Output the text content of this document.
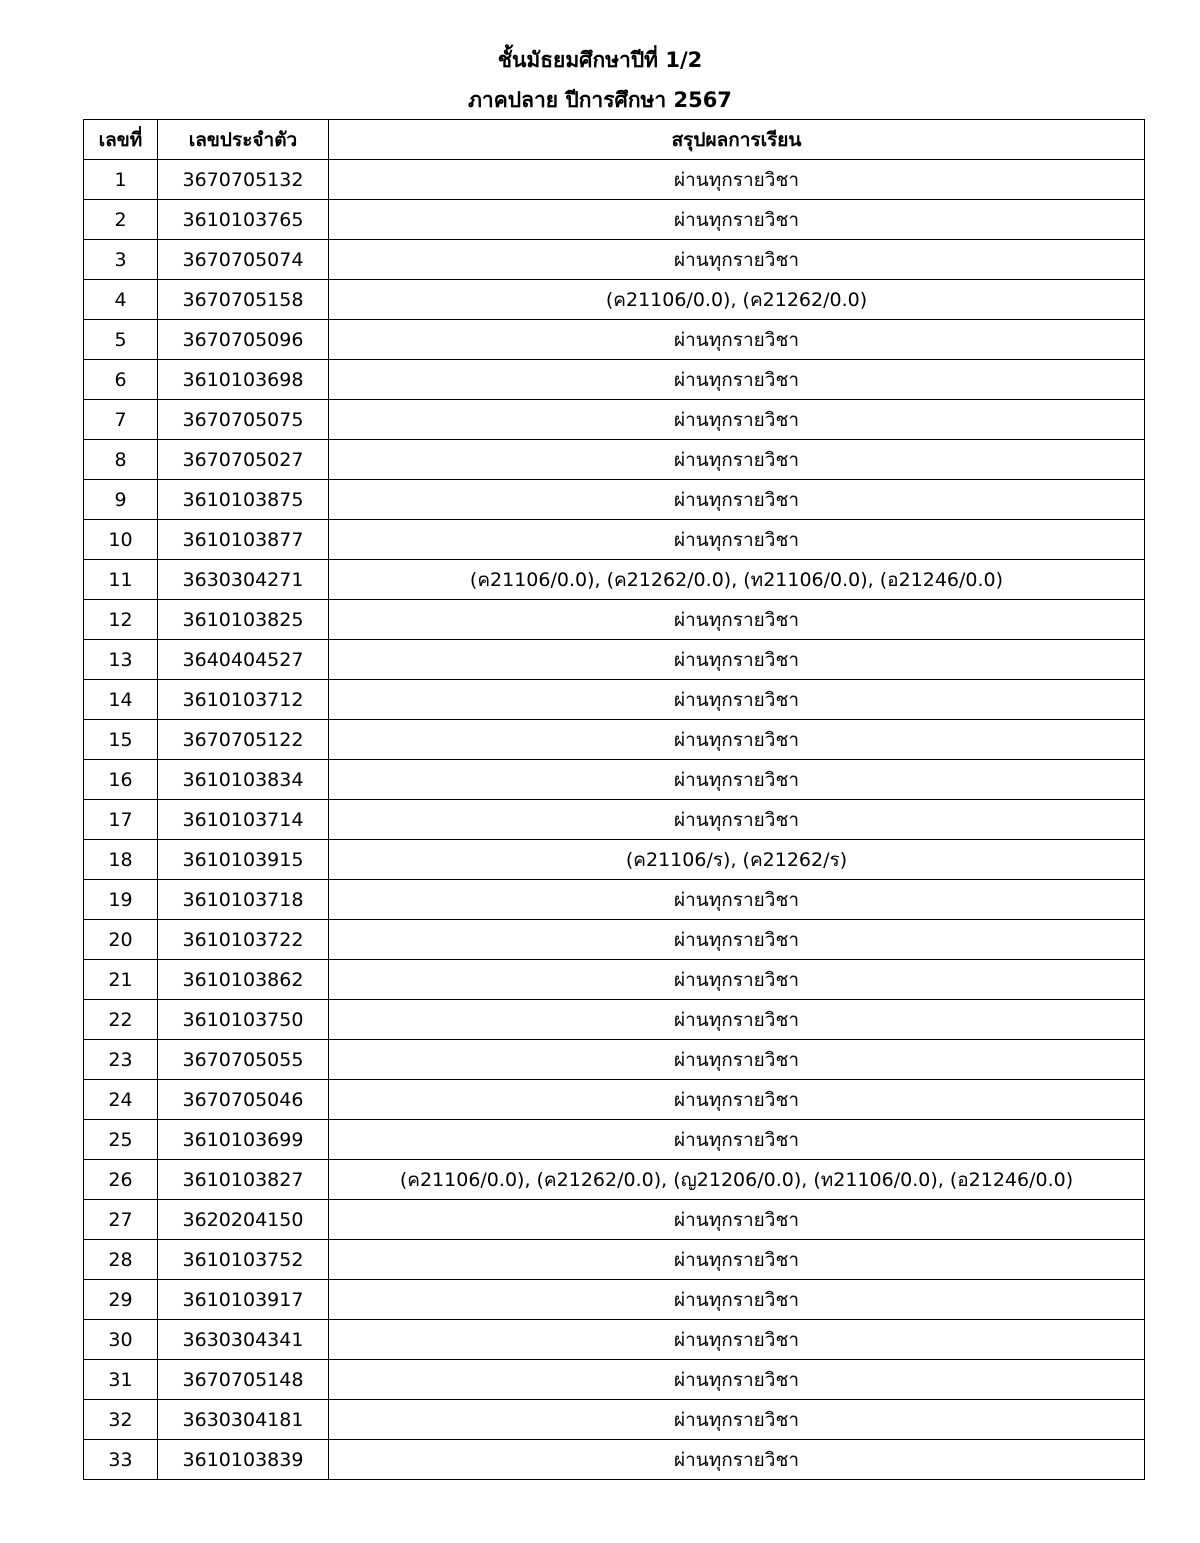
ชั้นมัธยมศึกษาปีที่ 1/2
ภาคปลาย ปีการศึกษา 2567
เลขที่	เลขประจำตัว	สรุปผลการเรียน
1	3670705132	ผ่านทุกรายวิชา
2	3610103765	ผ่านทุกรายวิชา
3	3670705074	ผ่านทุกรายวิชา
4	3670705158	(ค21106/0.0), (ค21262/0.0)
5	3670705096	ผ่านทุกรายวิชา
6	3610103698	ผ่านทุกรายวิชา
7	3670705075	ผ่านทุกรายวิชา
8	3670705027	ผ่านทุกรายวิชา
9	3610103875	ผ่านทุกรายวิชา
10	3610103877	ผ่านทุกรายวิชา
11	3630304271	(ค21106/0.0), (ค21262/0.0), (ท21106/0.0), (อ21246/0.0)
12	3610103825	ผ่านทุกรายวิชา
13	3640404527	ผ่านทุกรายวิชา
14	3610103712	ผ่านทุกรายวิชา
15	3670705122	ผ่านทุกรายวิชา
16	3610103834	ผ่านทุกรายวิชา
17	3610103714	ผ่านทุกรายวิชา
18	3610103915	(ค21106/ร), (ค21262/ร)
19	3610103718	ผ่านทุกรายวิชา
20	3610103722	ผ่านทุกรายวิชา
21	3610103862	ผ่านทุกรายวิชา
22	3610103750	ผ่านทุกรายวิชา
23	3670705055	ผ่านทุกรายวิชา
24	3670705046	ผ่านทุกรายวิชา
25	3610103699	ผ่านทุกรายวิชา
26	3610103827	(ค21106/0.0), (ค21262/0.0), (ญ21206/0.0), (ท21106/0.0), (อ21246/0.0)
27	3620204150	ผ่านทุกรายวิชา
28	3610103752	ผ่านทุกรายวิชา
29	3610103917	ผ่านทุกรายวิชา
30	3630304341	ผ่านทุกรายวิชา
31	3670705148	ผ่านทุกรายวิชา
32	3630304181	ผ่านทุกรายวิชา
33	3610103839	ผ่านทุกรายวิชา
